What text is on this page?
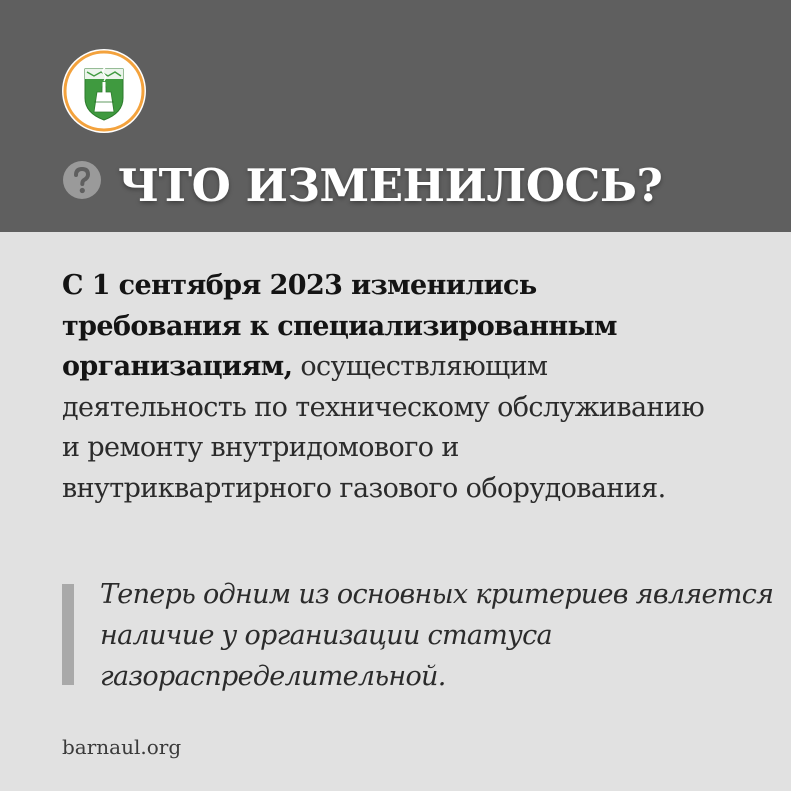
ЧТО ИЗМЕНИЛОСЬ?

С 1 сентября 2023 изменились требования к специализированным организациям, осуществляющим деятельность по техническому обслуживанию и ремонту внутридомового и внутриквартирного газового оборудования.

Теперь одним из основных критериев является наличие у организации статуса газораспределительной.

barnaul.org
